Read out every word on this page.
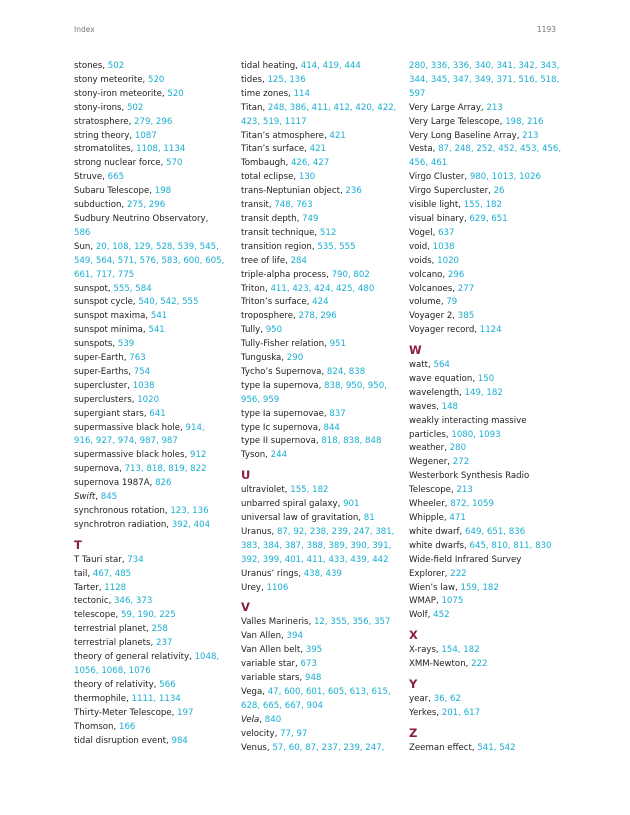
Index	1193
stones, 502
stony meteorite, 520
stony-iron meteorite, 520
stony-irons, 502
stratosphere, 279, 296
string theory, 1087
stromatolites, 1108, 1134
strong nuclear force, 570
Struve, 665
Subaru Telescope, 198
subduction, 275, 296
Sudbury Neutrino Observatory,
586
Sun, 20, 108, 129, 528, 539, 545,
549, 564, 571, 576, 583, 600, 605,
661, 717, 775
sunspot, 555, 584
sunspot cycle, 540, 542, 555
sunspot maxima, 541
sunspot minima, 541
sunspots, 539
super-Earth, 763
super-Earths, 754
supercluster, 1038
superclusters, 1020
supergiant stars, 641
supermassive black hole, 914,
916, 927, 974, 987, 987
supermassive black holes, 912
supernova, 713, 818, 819, 822
supernova 1987A, 826
Swift, 845
synchronous rotation, 123, 136
synchrotron radiation, 392, 404
T
T Tauri star, 734
tail, 467, 485
Tarter, 1128
tectonic, 346, 373
telescope, 59, 190, 225
terrestrial planet, 258
terrestrial planets, 237
theory of general relativity, 1048,
1056, 1068, 1076
theory of relativity, 566
thermophile, 1111, 1134
Thirty-Meter Telescope, 197
Thomson, 166
tidal disruption event, 984
tidal heating, 414, 419, 444
tides, 125, 136
time zones, 114
Titan, 248, 386, 411, 412, 420, 422,
423, 519, 1117
Titan’s atmosphere, 421
Titan’s surface, 421
Tombaugh, 426, 427
total eclipse, 130
trans-Neptunian object, 236
transit, 748, 763
transit depth, 749
transit technique, 512
transition region, 535, 555
tree of life, 284
triple-alpha process, 790, 802
Triton, 411, 423, 424, 425, 480
Triton’s surface, 424
troposphere, 278, 296
Tully, 950
Tully-Fisher relation, 951
Tunguska, 290
Tycho’s Supernova, 824, 838
type Ia supernova, 838, 950, 950,
956, 959
type Ia supernovae, 837
type Ic supernova, 844
type II supernova, 818, 838, 848
Tyson, 244
U
ultraviolet, 155, 182
unbarred spiral galaxy, 901
universal law of gravitation, 81
Uranus, 87, 92, 238, 239, 247, 381,
383, 384, 387, 388, 389, 390, 391,
392, 399, 401, 411, 433, 439, 442
Uranus’ rings, 438, 439
Urey, 1106
V
Valles Marineris, 12, 355, 356, 357
Van Allen, 394
Van Allen belt, 395
variable star, 673
variable stars, 948
Vega, 47, 600, 601, 605, 613, 615,
628, 665, 667, 904
Vela, 840
velocity, 77, 97
Venus, 57, 60, 87, 237, 239, 247,
280, 336, 336, 340, 341, 342, 343,
344, 345, 347, 349, 371, 516, 518,
597
Very Large Array, 213
Very Large Telescope, 198, 216
Very Long Baseline Array, 213
Vesta, 87, 248, 252, 452, 453, 456,
456, 461
Virgo Cluster, 980, 1013, 1026
Virgo Supercluster, 26
visible light, 155, 182
visual binary, 629, 651
Vogel, 637
void, 1038
voids, 1020
volcano, 296
Volcanoes, 277
volume, 79
Voyager 2, 385
Voyager record, 1124
W
watt, 564
wave equation, 150
wavelength, 149, 182
waves, 148
weakly interacting massive
particles, 1080, 1093
weather, 280
Wegener, 272
Westerbork Synthesis Radio
Telescope, 213
Wheeler, 872, 1059
Whipple, 471
white dwarf, 649, 651, 836
white dwarfs, 645, 810, 811, 830
Wide-field Infrared Survey
Explorer, 222
Wien’s law, 159, 182
WMAP, 1075
Wolf, 452
X
X-rays, 154, 182
XMM-Newton, 222
Y
year, 36, 62
Yerkes, 201, 617
Z
Zeeman effect, 541, 542
